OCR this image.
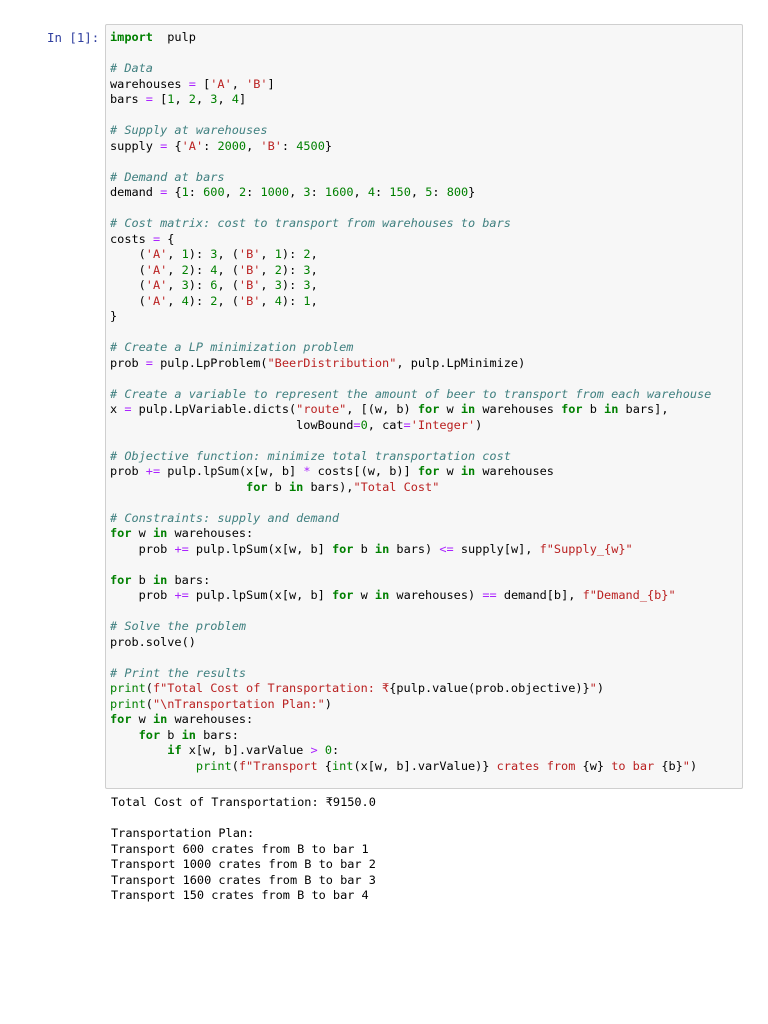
In [1]: import  pulp

# Data
warehouses = ['A', 'B']
bars = [1, 2, 3, 4]

# Supply at warehouses
supply = {'A': 2000, 'B': 4500}

# Demand at bars
demand = {1: 600, 2: 1000, 3: 1600, 4: 150, 5: 800}

# Cost matrix: cost to transport from warehouses to bars
costs = {
('A', 1): 3, ('B', 1): 2,
('A', 2): 4, ('B', 2): 3,
('A', 3): 6, ('B', 3): 3,
('A', 4): 2, ('B', 4): 1,
}

# Create a LP minimization problem
prob = pulp.LpProblem("BeerDistribution", pulp.LpMinimize)

# Create a variable to represent the amount of beer to transport from each warehouse
x = pulp.LpVariable.dicts("route", [(w, b) for w in warehouses for b in bars],
lowBound=0, cat='Integer')

# Objective function: minimize total transportation cost
prob += pulp.lpSum(x[w, b] * costs[(w, b)] for w in warehouses
for b in bars),"Total Cost"

# Constraints: supply and demand
for w in warehouses:
prob += pulp.lpSum(x[w, b] for b in bars) <= supply[w], f"Supply_{w}"

for b in bars:
prob += pulp.lpSum(x[w, b] for w in warehouses) == demand[b], f"Demand_{b}"

# Solve the problem
prob.solve()

# Print the results
print(f"Total Cost of Transportation: ₹{pulp.value(prob.objective)}")
print("\nTransportation Plan:")
for w in warehouses:
for b in bars:
if x[w, b].varValue > 0:
print(f"Transport {int(x[w, b].varValue)} crates from {w} to bar {b}")
Total Cost of Transportation: ₹9150.0

Transportation Plan:
Transport 600 crates from B to bar 1
Transport 1000 crates from B to bar 2
Transport 1600 crates from B to bar 3
Transport 150 crates from B to bar 4
